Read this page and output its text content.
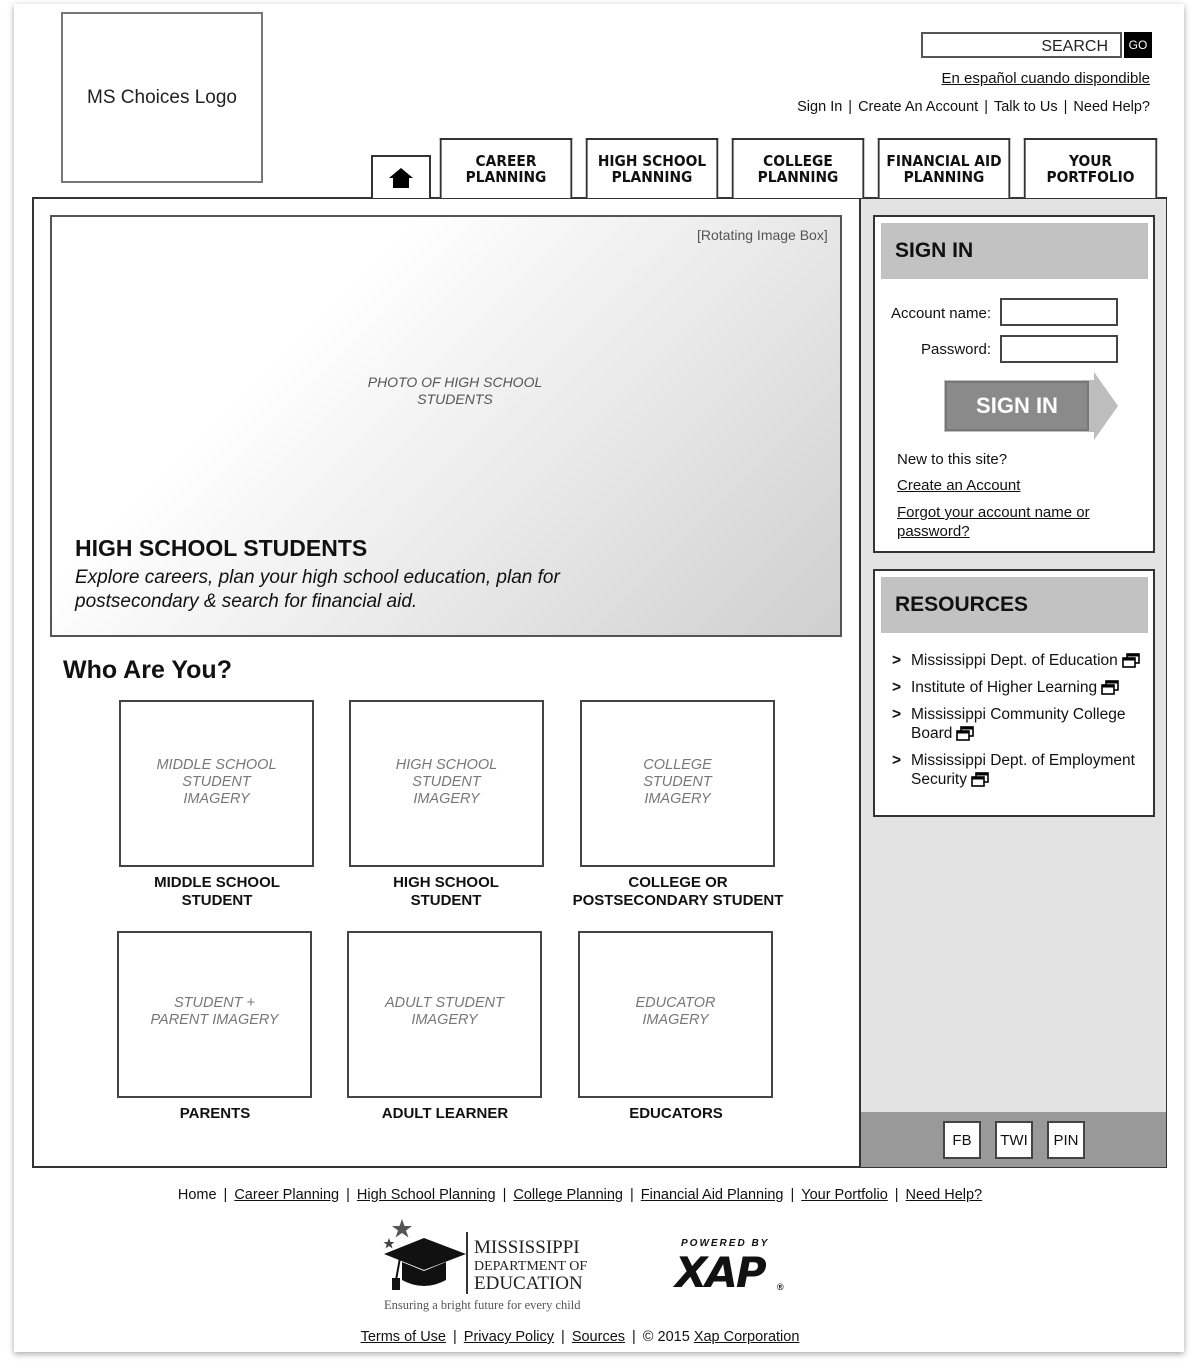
MS Choices Logo
SEARCH	GO
En español cuando dispondible
Sign In | Create An Account | Talk to Us | Need Help?
CAREER
PLANNING
HIGH SCHOOL
PLANNING
COLLEGE
PLANNING
FINANCIAL AID
PLANNING
YOUR
PORTFOLIO
[Rotating Image Box]
PHOTO OF HIGH SCHOOL STUDENTS
HIGH SCHOOL STUDENTS
Explore careers, plan your high school education, plan for postsecondary & search for financial aid.
Who Are You?
MIDDLE SCHOOL STUDENT IMAGERY
MIDDLE SCHOOL STUDENT
HIGH SCHOOL STUDENT IMAGERY
HIGH SCHOOL STUDENT
COLLEGE STUDENT IMAGERY
COLLEGE OR POSTSECONDARY STUDENT
STUDENT + PARENT IMAGERY
PARENTS
ADULT STUDENT IMAGERY
ADULT LEARNER
EDUCATOR IMAGERY
EDUCATORS
SIGN IN
Account name:
Password:
SIGN IN
New to this site?
Create an Account
Forgot your account name or password?
RESOURCES
> Mississippi Dept. of Education
> Institute of Higher Learning
> Mississippi Community College Board
> Mississippi Dept. of Employment Security
FB	TWI	PIN
Home | Career Planning | High School Planning | College Planning | Financial Aid Planning | Your Portfolio | Need Help?
MISSISSIPPI
DEPARTMENT OF
EDUCATION
Ensuring a bright future for every child
POWERED BY
XAP ®
Terms of Use | Privacy Policy | Sources | © 2015 Xap Corporation
